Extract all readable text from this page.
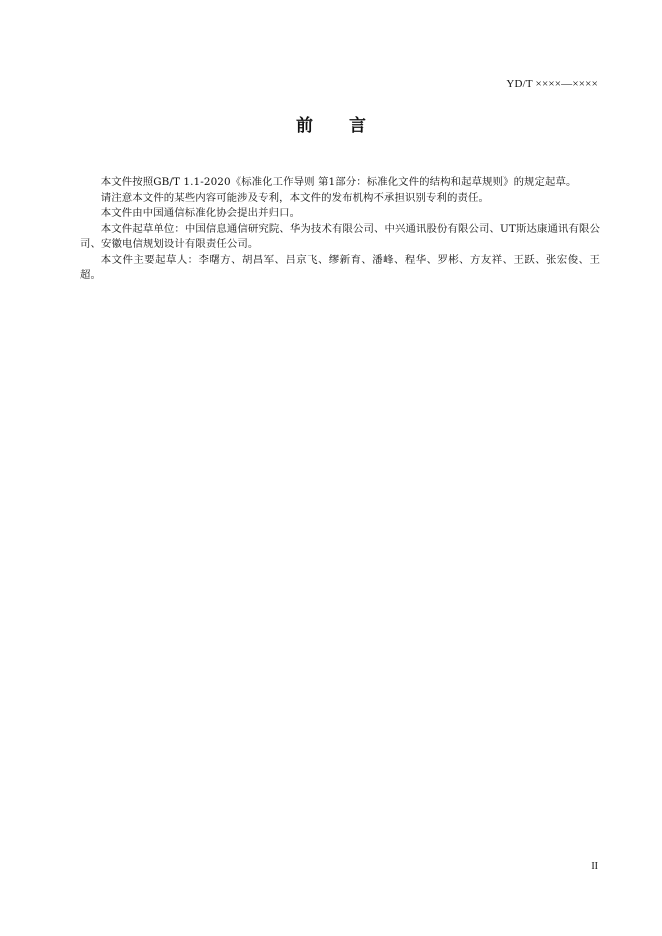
YD/T ××××—××××
前言

本文件按照GB/T 1.1-2020《标准化工作导则 第1部分：标准化文件的结构和起草规则》的规定起草。

请注意本文件的某些内容可能涉及专利，本文件的发布机构不承担识别专利的责任。

本文件由中国通信标准化协会提出并归口。

本文件起草单位：中国信息通信研究院、华为技术有限公司、中兴通讯股份有限公司、UT斯达康通讯有限公司、安徽电信规划设计有限责任公司。

本文件主要起草人：李曙方、胡昌军、吕京飞、缪新育、潘峰、程华、罗彬、方友祥、王跃、张宏俊、王超。

II
